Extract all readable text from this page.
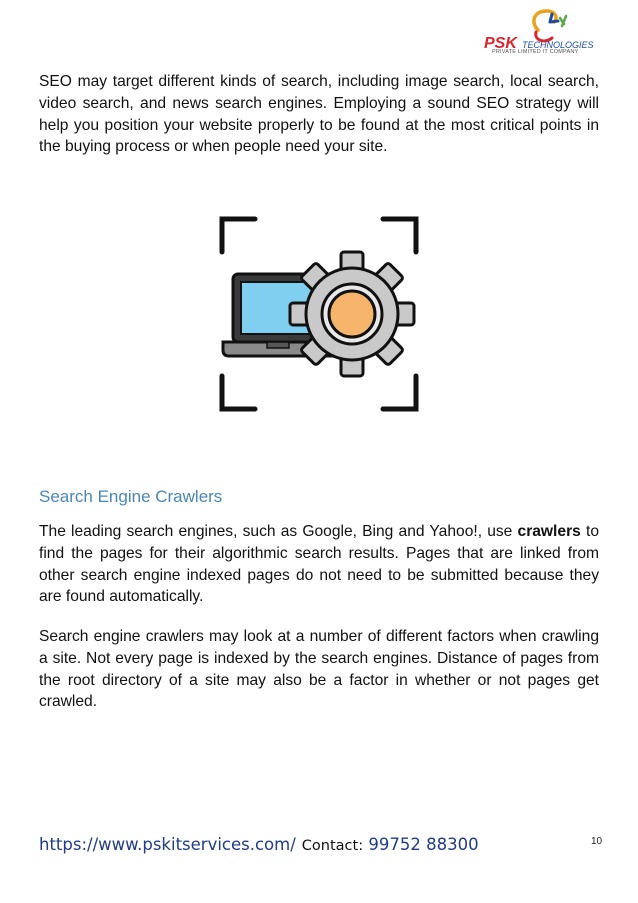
PSK TECHNOLOGIES
PRIVATE LIMITED IT COMPANY

SEO may target different kinds of search, including image search, local search, video search, and news search engines. Employing a sound SEO strategy will help you position your website properly to be found at the most critical points in the buying process or when people need your site.

Search Engine Crawlers

The leading search engines, such as Google, Bing and Yahoo!, use crawlers to find the pages for their algorithmic search results. Pages that are linked from other search engine indexed pages do not need to be submitted because they are found automatically.

Search engine crawlers may look at a number of different factors when crawling a site. Not every page is indexed by the search engines. Distance of pages from the root directory of a site may also be a factor in whether or not pages get crawled.

https://www.pskitservices.com/ Contact: 99752 88300	10
